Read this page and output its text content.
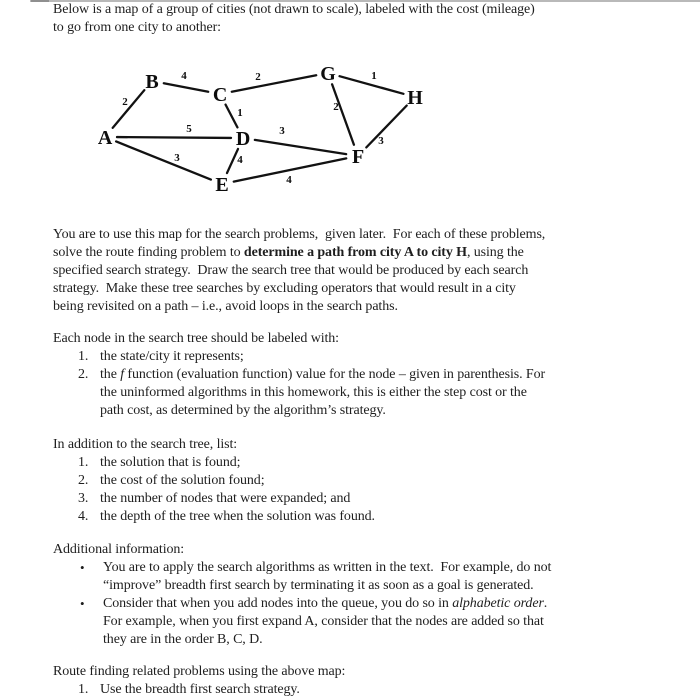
Below is a map of a group of cities (not drawn to scale), labeled with the cost (mileage)
to go from one city to another:
2
4	2	1
1	2
5	3
3
3	4
4
A
B
C
D
E
F
G
H
You are to use this map for the search problems,  given later.  For each of these problems,
solve the route finding problem to determine a path from city A to city H, using the
specified search strategy.  Draw the search tree that would be produced by each search
strategy.  Make these tree searches by excluding operators that would result in a city
being revisited on a path – i.e., avoid loops in the search paths.
Each node in the search tree should be labeled with:
1. the state/city it represents;
2. the f function (evaluation function) value for the node – given in parenthesis. For
the uninformed algorithms in this homework, this is either the step cost or the
path cost, as determined by the algorithm’s strategy.
In addition to the search tree, list:
1. the solution that is found;
2. the cost of the solution found;
3. the number of nodes that were expanded; and
4. the depth of the tree when the solution was found.
Additional information:
•	You are to apply the search algorithms as written in the text.  For example, do not
“improve” breadth first search by terminating it as soon as a goal is generated.
•	Consider that when you add nodes into the queue, you do so in alphabetic order.
For example, when you first expand A, consider that the nodes are added so that
they are in the order B, C, D.
Route finding related problems using the above map:
1. Use the breadth first search strategy.
